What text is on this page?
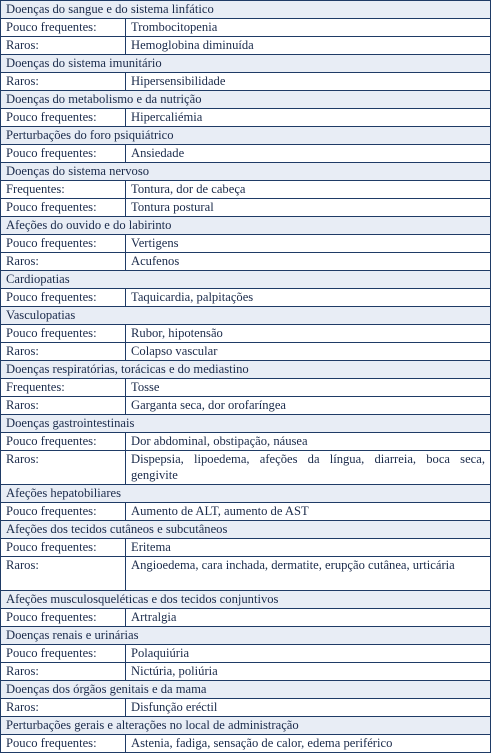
Doenças do sangue e do sistema linfático	
Pouco frequentes:	Trombocitopenia
Raros:	Hemoglobina diminuída
Doenças do sistema imunitário	
Raros:	Hipersensibilidade
Doenças do metabolismo e da nutrição	
Pouco frequentes:	Hipercaliémia
Perturbações do foro psiquiátrico	
Pouco frequentes:	Ansiedade
Doenças do sistema nervoso	
Frequentes:	Tontura, dor de cabeça
Pouco frequentes:	Tontura postural
Afeções do ouvido e do labirinto	
Pouco frequentes:	Vertigens
Raros:	Acufenos
Cardiopatias	
Pouco frequentes:	Taquicardia, palpitações
Vasculopatias	
Pouco frequentes:	Rubor, hipotensão
Raros:	Colapso vascular
Doenças respiratórias, torácicas e do mediastino	
Frequentes:	Tosse
Raros:	Garganta seca, dor orofaríngea
Doenças gastrointestinais	
Pouco frequentes:	Dor abdominal, obstipação, náusea
Raros:	Dispepsia, lipoedema, afeções da língua, diarreia, boca seca, gengivite
Afeções hepatobiliares	
Pouco frequentes:	Aumento de ALT, aumento de AST
Afeções dos tecidos cutâneos e subcutâneos	
Pouco frequentes:	Eritema
Raros:	Angioedema, cara inchada, dermatite, erupção cutânea, urticária
Afeções musculosqueléticas e dos tecidos conjuntivos	
Pouco frequentes:	Artralgia
Doenças renais e urinárias	
Pouco frequentes:	Polaquiúria
Raros:	Nictúria, poliúria
Doenças dos órgãos genitais e da mama	
Raros:	Disfunção eréctil
Perturbações gerais e alterações no local de administração	
Pouco frequentes:	Astenia, fadiga, sensação de calor, edema periférico
